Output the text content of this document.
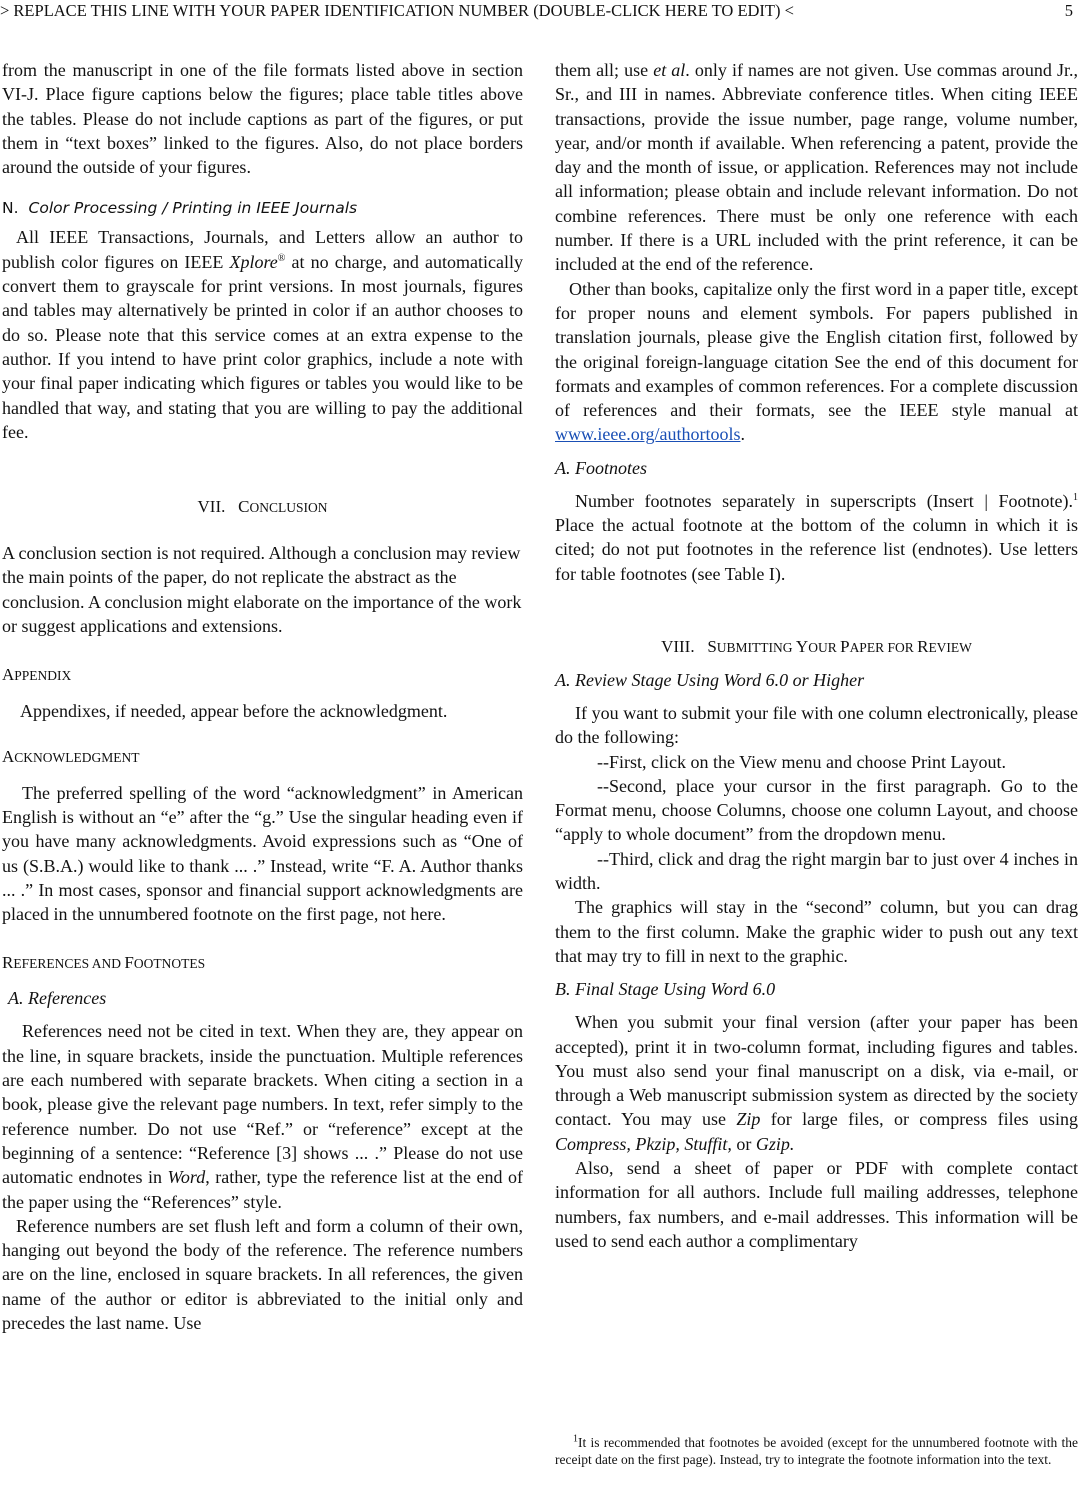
> REPLACE THIS LINE WITH YOUR PAPER IDENTIFICATION NUMBER (DOUBLE-CLICK HERE TO EDIT) <	5

from the manuscript in one of the file formats listed above in section VI-J. Place figure captions below the figures; place table titles above the tables. Please do not include captions as part of the figures, or put them in “text boxes” linked to the figures. Also, do not place borders around the outside of your figures.

N. Color Processing / Printing in IEEE Journals

All IEEE Transactions, Journals, and Letters allow an author to publish color figures on IEEE Xplore® at no charge, and automatically convert them to grayscale for print versions. In most journals, figures and tables may alternatively be printed in color if an author chooses to do so. Please note that this service comes at an extra expense to the author. If you intend to have print color graphics, include a note with your final paper indicating which figures or tables you would like to be handled that way, and stating that you are willing to pay the additional fee.

VII. CONCLUSION

A conclusion section is not required. Although a conclusion may review the main points of the paper, do not replicate the abstract as the conclusion. A conclusion might elaborate on the importance of the work or suggest applications and extensions.

APPENDIX

Appendixes, if needed, appear before the acknowledgment.

ACKNOWLEDGMENT

The preferred spelling of the word “acknowledgment” in American English is without an “e” after the “g.” Use the singular heading even if you have many acknowledgments. Avoid expressions such as “One of us (S.B.A.) would like to thank ... .” Instead, write “F. A. Author thanks ... .” In most cases, sponsor and financial support acknowledgments are placed in the unnumbered footnote on the first page, not here.

REFERENCES AND FOOTNOTES
A. References

References need not be cited in text. When they are, they appear on the line, in square brackets, inside the punctuation. Multiple references are each numbered with separate brackets. When citing a section in a book, please give the relevant page numbers. In text, refer simply to the reference number. Do not use “Ref.” or “reference” except at the beginning of a sentence: “Reference [3] shows ... .” Please do not use automatic endnotes in Word, rather, type the reference list at the end of the paper using the “References” style.

Reference numbers are set flush left and form a column of their own, hanging out beyond the body of the reference. The reference numbers are on the line, enclosed in square brackets. In all references, the given name of the author or editor is abbreviated to the initial only and precedes the last name. Use

them all; use et al. only if names are not given. Use commas around Jr., Sr., and III in names. Abbreviate conference titles. When citing IEEE transactions, provide the issue number, page range, volume number, year, and/or month if available. When referencing a patent, provide the day and the month of issue, or application. References may not include all information; please obtain and include relevant information. Do not combine references. There must be only one reference with each number. If there is a URL included with the print reference, it can be included at the end of the reference.

Other than books, capitalize only the first word in a paper title, except for proper nouns and element symbols. For papers published in translation journals, please give the English citation first, followed by the original foreign-language citation See the end of this document for formats and examples of common references. For a complete discussion of references and their formats, see the IEEE style manual at www.ieee.org/authortools.

A. Footnotes

Number footnotes separately in superscripts (Insert | Footnote).$^1$ Place the actual footnote at the bottom of the column in which it is cited; do not put footnotes in the reference list (endnotes). Use letters for table footnotes (see Table I).

VIII. SUBMITTING YOUR PAPER FOR REVIEW
A. Review Stage Using Word 6.0 or Higher

If you want to submit your file with one column electronically, please do the following:

--First, click on the View menu and choose Print Layout.

--Second, place your cursor in the first paragraph. Go to the Format menu, choose Columns, choose one column Layout, and choose “apply to whole document” from the dropdown menu.

--Third, click and drag the right margin bar to just over 4 inches in width.

The graphics will stay in the “second” column, but you can drag them to the first column. Make the graphic wider to push out any text that may try to fill in next to the graphic.

B. Final Stage Using Word 6.0

When you submit your final version (after your paper has been accepted), print it in two-column format, including figures and tables. You must also send your final manuscript on a disk, via e-mail, or through a Web manuscript submission system as directed by the society contact. You may use Zip for large files, or compress files using Compress, Pkzip, Stuffit, or Gzip.

Also, send a sheet of paper or PDF with complete contact information for all authors. Include full mailing addresses, telephone numbers, fax numbers, and e-mail addresses. This information will be used to send each author a complimentary

$^1$It is recommended that footnotes be avoided (except for the unnumbered footnote with the receipt date on the first page). Instead, try to integrate the footnote information into the text.
